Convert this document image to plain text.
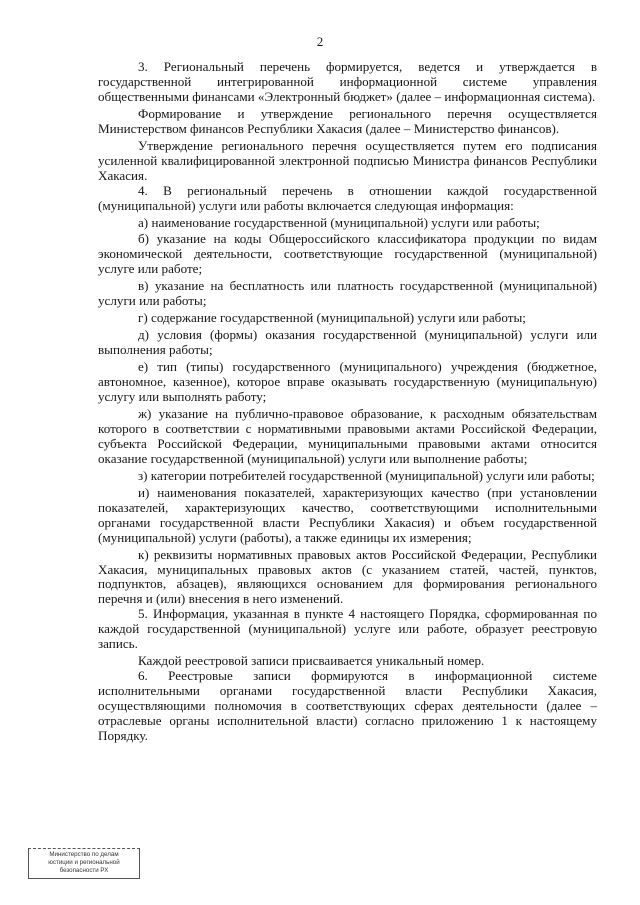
2

3. Региональный перечень формируется, ведется и утверждается в государственной интегрированной информационной системе управления общественными финансами «Электронный бюджет» (далее – информационная система).

Формирование и утверждение регионального перечня осуществляется Министерством финансов Республики Хакасия (далее – Министерство финансов).

Утверждение регионального перечня осуществляется путем его подписания усиленной квалифицированной электронной подписью Министра финансов Республики Хакасия.

4. В региональный перечень в отношении каждой государственной (муниципальной) услуги или работы включается следующая информация:

а) наименование государственной (муниципальной) услуги или работы;

б) указание на коды Общероссийского классификатора продукции по видам экономической деятельности, соответствующие государственной (муниципальной) услуге или работе;

в) указание на бесплатность или платность государственной (муниципальной) услуги или работы;

г) содержание государственной (муниципальной) услуги или работы;

д) условия (формы) оказания государственной (муниципальной) услуги или выполнения работы;

е) тип (типы) государственного (муниципального) учреждения (бюджетное, автономное, казенное), которое вправе оказывать государственную (муниципальную) услугу или выполнять работу;

ж) указание на публично-правовое образование, к расходным обязательствам которого в соответствии с нормативными правовыми актами Российской Федерации, субъекта Российской Федерации, муниципальными правовыми актами относится оказание государственной (муниципальной) услуги или выполнение работы;

з) категории потребителей государственной (муниципальной) услуги или работы;

и) наименования показателей, характеризующих качество (при установлении показателей, характеризующих качество, соответствующими исполнительными органами государственной власти Республики Хакасия) и объем государственной (муниципальной) услуги (работы), а также единицы их измерения;

к) реквизиты нормативных правовых актов Российской Федерации, Республики Хакасия, муниципальных правовых актов (с указанием статей, частей, пунктов, подпунктов, абзацев), являющихся основанием для формирования регионального перечня и (или) внесения в него изменений.

5. Информация, указанная в пункте 4 настоящего Порядка, сформированная по каждой государственной (муниципальной) услуге или работе, образует реестровую запись.

Каждой реестровой записи присваивается уникальный номер.

6. Реестровые записи формируются в информационной системе исполнительными органами государственной власти Республики Хакасия, осуществляющими полномочия в соответствующих сферах деятельности (далее – отраслевые органы исполнительной власти) согласно приложению 1 к настоящему Порядку.

Министерство по делам
юстиции и региональной
безопасности РХ
